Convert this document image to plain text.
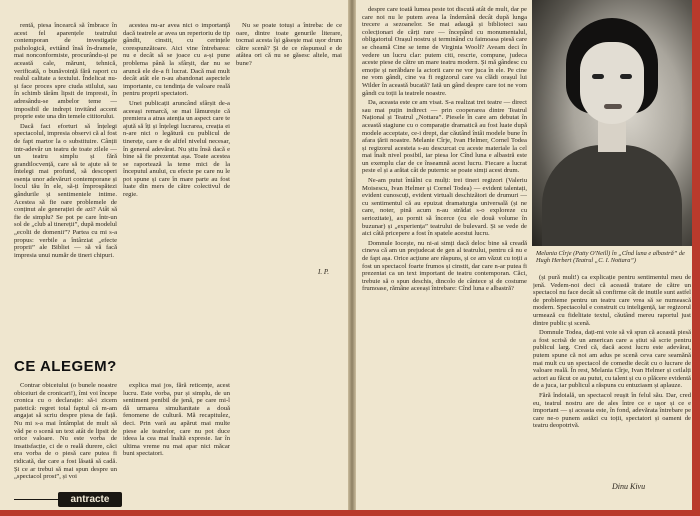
rentă, piesa încearcă să îmbrace în acest fel aparențele teatrului contemporan de investigație psihologică, evitând însă în-dramele, mai nonconformiste, procurându-și pe această cale, mărunt, tehnică, verificată, o bunăvoință fără raport cu realul calitate a textului. Îndelicat nu-și face proces spre ciuda stilului, sau în schimb tărâm lipsit de impresii, în adresându-se ambelor teme — imposibil de indrept invitând accent proprie este una din temele cititorului.

Dacă faci eforturi să înțelegi spectacolul, impresia observi că al fost de fapt martor la o substituire. Cânții intr-adevăr un teatru de toate zilele — un teatru simplu și fără grandilocvență, care să te ajute să te întelegi mai profund, să descoperi esența unor adevăruri contemporane și locul tău în ele, să-ți împrospătezi gândurile și sentimentele intime. Acestea să fie oare problemele de conținut ale generației de azi? Atât să fie de simplu? Se pot pe care într-un sol de „club al tinereții”, după modelul „ecolii de domenii”? Partea cu mi s-a propus: verbile a întârziat „efecte proprii” ale Bibliei — să vă facă impresia unui număr de tineri chipuri.

acestea nu-ar avea nici o importanță dacă teatrele ar avea un repertoriu de tip gândit, cinstit, cu cerințele corespunzătoare. Aici vine întrebarea: nu e decât să se joace cu a-și pune problema până la sfârșit, dar nu se aruncă ele de-a fi lucrat. Dacă mai mult decât atât ele n-au abandonat aspectele importante, cu tendința de valoare reală pentru proprii spectatori.

Unei publicații aruncând sfârșit de-a aceeași remarcă, se mai lămurește că premiera a atras atenția un aspect care te ajută să îți și înțelegi lucrarea, creația ei n-are nici o legătură cu publicul de tinerețe, care e de altfel nivelul necesar, în general adevărat. Nu știu însă dacă e bine să fie prezentat așa. Toate acestea se raportează la teme mici de la începutul anului, cu efecte pe care nu le pot spune și care în mare parte au fost luate din mers de către colectivul de regie.

Nu se poate totuși a întreba: de ce oare, dintre toate genurile literare, tocmai acesta își găsește mai ușor drum către scenă? Și de ce răspunsul e de atâtea ori că nu se găsesc altele, mai bune?

I. P.
CE ALEGEM?

Contrar obiceiului (o bunele noastre obiceiuri de cronicari!), îmi voi începe cronica cu o declarație: să-i zicem patetică: regret total faptul că m-am angajat să scriu despre piesa de față. Nu mi s-a mai întâmplat de mult să văd pe o scenă un text atât de lipsit de orice valoare. Nu este vorba de insatisfacție, ci de o reală durere, căci era vorba de o piesă care putea fi ridicată, dar care a fost lăsată să cadă. Și ce ar trebui să mai spun despre un „spectacol prost”, și voi

explica mai jos, fără reticențe, acest lucru. Este vorba, pur și simplu, de un sentiment penibil de jenă, pe care mi-l dă urmarea simultanitate a două fenomene de cultură. Mă recapitulez, deci. Prin vară au apărut mai multe piese ale teatrelor, care nu pot duce ideea la cea mai înaltă expresie. Iar în ultima vreme nu mai apar nici măcar buni spectatori.

antracte

despre care toată lumea peste tot discută atât de mult, dar pe care noi nu le putem avea la îndemână decât după lunga trecere a sezoanelor. Se mai adaugă și biblioteci sau colecționari de cărți rare — începând cu monumentalul, obligatoriul Orașul nostru și terminând cu faimoasa piesă care se cheamă Cine se teme de Virginia Woolf? Aveam deci în vedere un lucru clar: putem citi, rescrie, compune, judeca aceste piese de către un mare teatru modern. Și mă gândesc cu emoție și nerăbdare la actorii care ne vor juca în ele. Pe cine ne vom gândi, cine va fi regizorul care va clădi orașul lui Wilder în această bucată? Iată un gând despre care tot ne vom gândi cu toții la teatrele noastre.

Da, aceasta este ce am visat. S-a realizat trei teatre — direct sau mai puțin indirect — prin cooperarea dintre Teatrul Național și Teatrul „Nottara”. Piesele în care am debutat în această stagiune cu o comparație dramatică au fost luate după modele acceptate, ce-i drept, dar căutând întâi modele bune în afara țării noastre. Melanie Cîrje, Ivan Helmer, Cornel Todea și regizorul acesteia s-au descurcat cu aceste materiale la cel mai înalt nivel posibil, iar piesa lor Cînd luna e albastră este un exemplu clar de ce înseamnă acest lucru. Fiecare a lucrat peste el și a arătat cât de puternic se poate simți acest drum.

Ne-am putut întâlni cu mulți: trei tineri regizori (Valeriu Moisescu, Ivan Helmer și Cornel Todea) — evident talentați, evident cunoscuți, evident virtuali deschizători de drumuri — cu sentimentul că au epuizat dramaturgia universală (și ne care, noter, pină acum n-au strădat s-o exploreze cu seriozitate), au pornit să încerce (cu ele două volume în buzunar) și „experiența” teatrului de bulevard. Și se vede de aici câtă pricepere a fost în spatele acestui lucru.

Domnule Iocește, nu ni-ai simți dacă deloc bine să creadă cineva că am un prejudecat de gen al teatrului, pentru că nu e de fapt așa. Orice acțiune are răspuns, și ce am văzut cu toții a fost un spectacol foarte frumos și cinstit, dar care n-ar putea fi prezentat ca un text important de teatru contemporan. Căci, trebuie să o spun deschis, dincolo de cântece și de costume frumoase, rămâne aceeași întrebare: Cînd luna e albastră?

Melania Cîrje (Patty O'Neill) în „Cînd luna e albastră” de Hugh Herbert (Teatrul „C. I. Nottara”)

(și pură mult!) ca explicație pentru sentimentul meu de jenă. Vedem-noi deci că această tratare de către un spectacol nu face decât să confirme cât de inutile sunt astfel de probleme pentru un teatru care vrea să se numească modern. Spectacolul e construit cu inteligență, iar regizorul urmează cu fidelitate textul, căutând mereu raportul just dintre public și scenă.

Domnule Todea, dați-mi voie să vă spun că această piesă a fost scrisă de un american care a știut să scrie pentru publicul larg. Cred că, dacă acest lucru este adevărat, putem spune că noi am adus pe scenă ceva care seamănă mai mult cu un spectacol de comedie decât cu o lucrare de valoare reală. În rest, Melania Cîrje, Ivan Helmer și ceilalți actori au făcut ce au putut, cu talent și cu o plăcere evidentă de a juca, iar publicul a răspuns cu entuziasm și aplauze.

Fără îndoială, un spectacol reușit în felul său. Dar, cred eu, teatrul nostru are de ales între ce e ușor și ce e important — și aceasta este, în fond, adevărata întrebare pe care ne-o punem astăzi cu toții, spectatori și oameni de teatru deopotrivă.

Dinu Kivu
